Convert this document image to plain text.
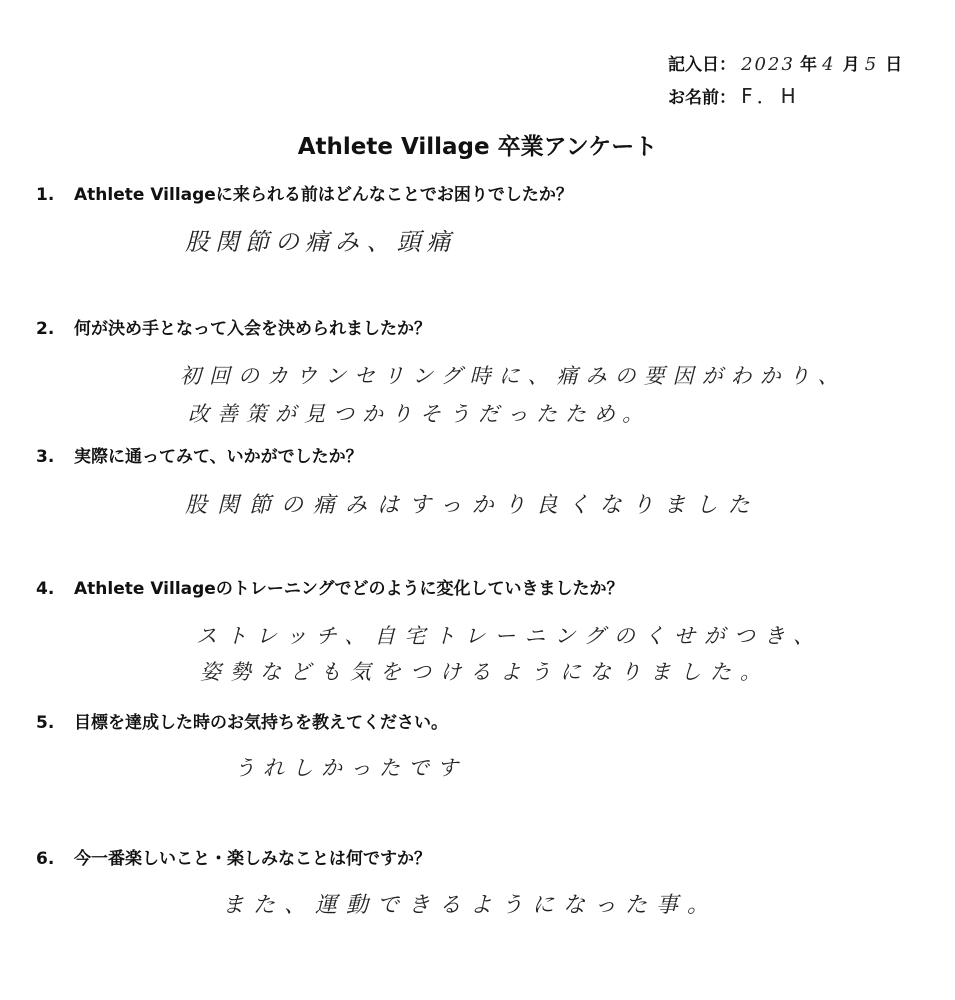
記入日： 2023 年 4 月 5 日
お名前： F．H
Athlete Village 卒業アンケート
1. Athlete Villageに来られる前はどんなことでお困りでしたか？
股関節の痛み、頭痛
2. 何が決め手となって入会を決められましたか？
初回のカウンセリング時に、痛みの要因がわかり、
改善策が見つかりそうだったため。
3. 実際に通ってみて、いかがでしたか？
股関節の痛みはすっかり良くなりました
4. Athlete Villageのトレーニングでどのように変化していきましたか？
ストレッチ、自宅トレーニングのくせがつき、
姿勢なども気をつけるようになりました。
5. 目標を達成した時のお気持ちを教えてください。
うれしかったです
6. 今一番楽しいこと・楽しみなことは何ですか？
また、運動できるようになった事。
